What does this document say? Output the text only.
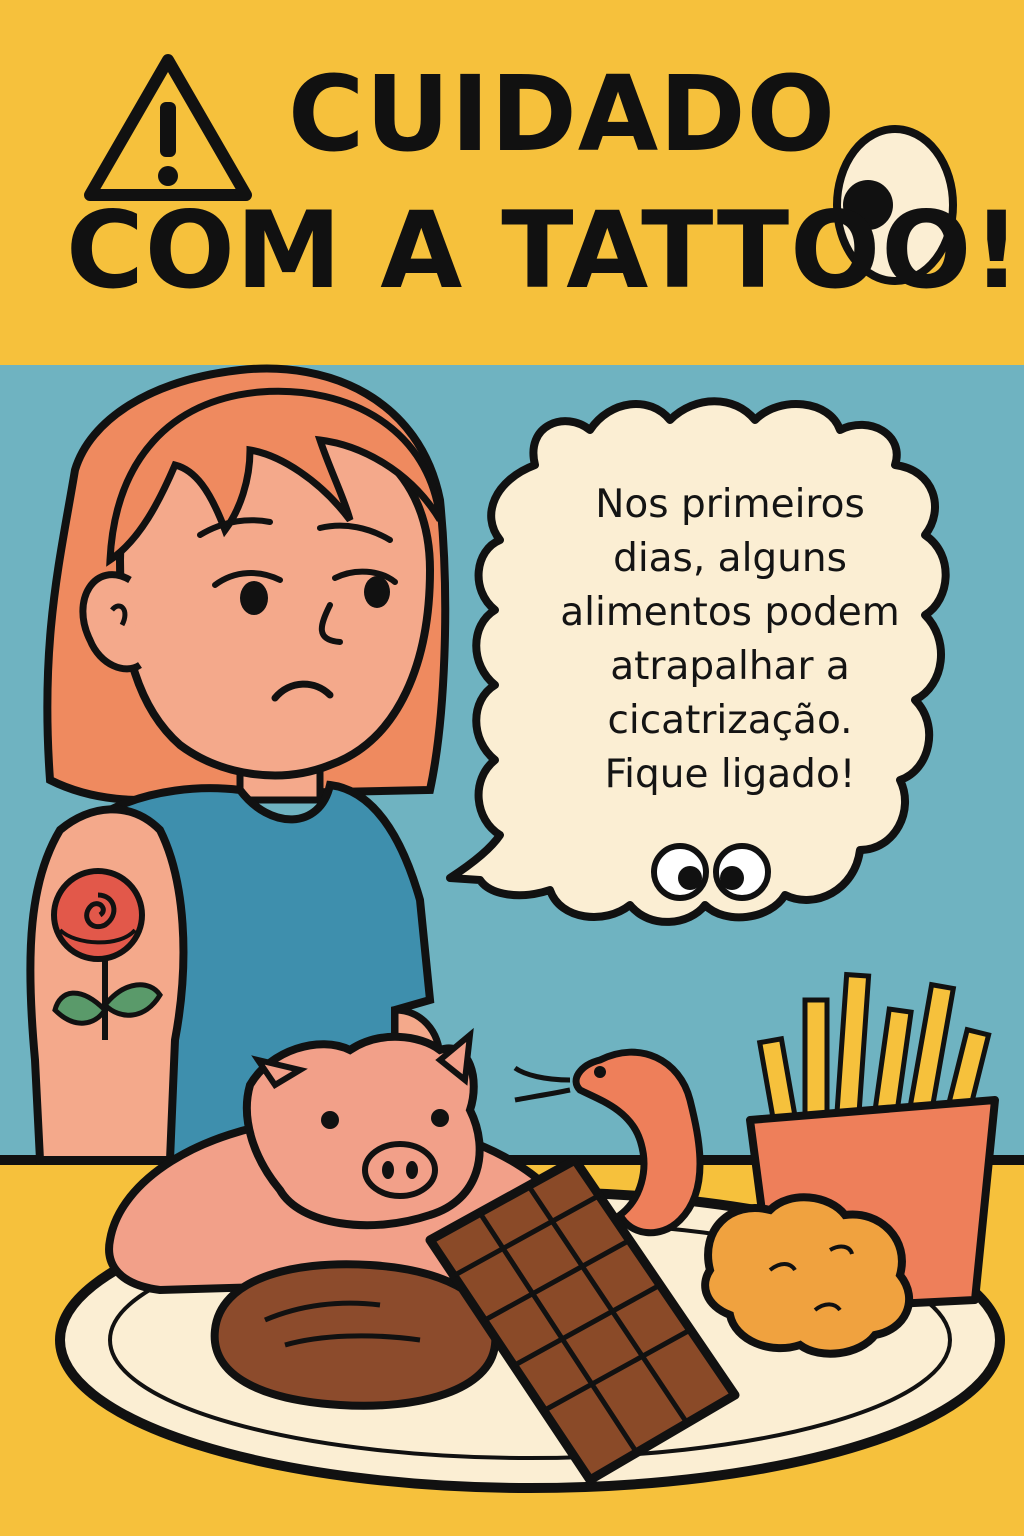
CUIDADO
COM A TATTOO!
Nos primeiros
dias, alguns
alimentos podem
atrapalhar a
cicatrização.
Fique ligado!
